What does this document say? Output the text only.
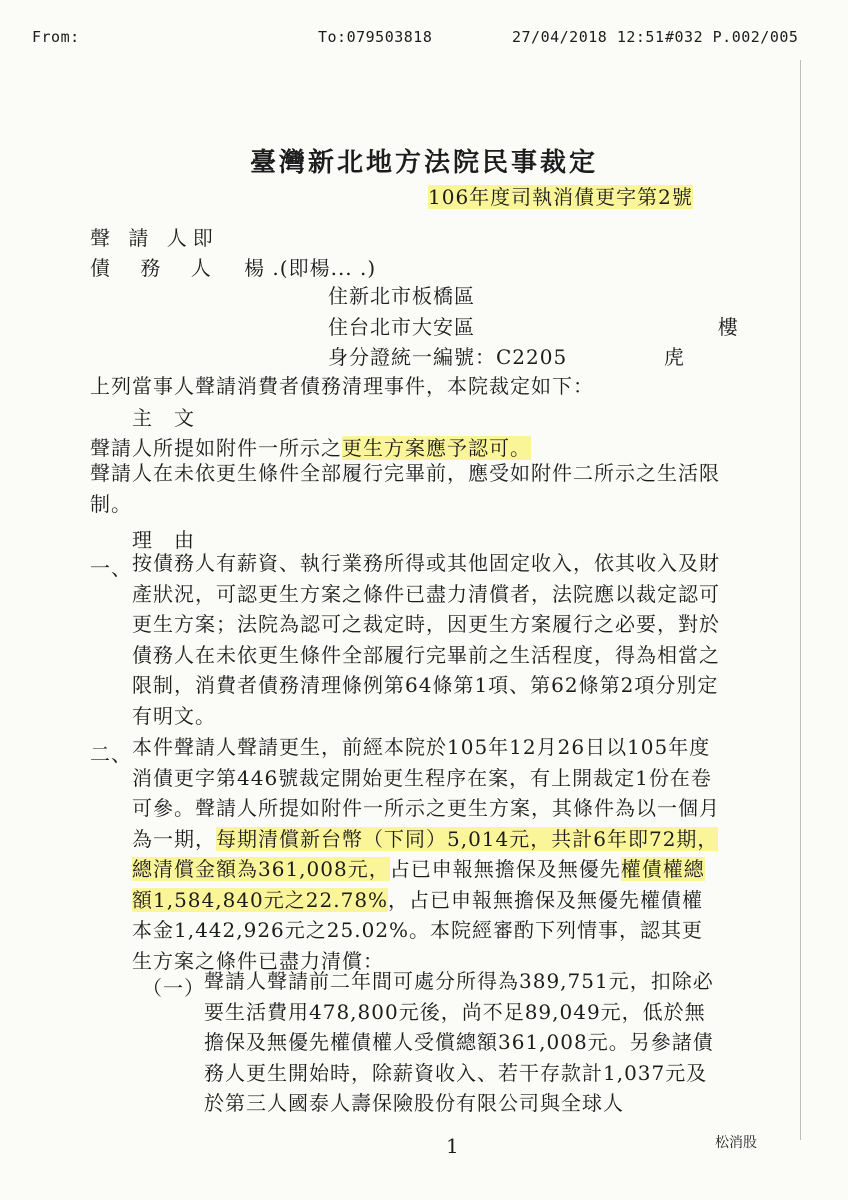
From:	To:079503818	27/04/2018 12:51 #032 P.002/005
臺灣新北地方法院民事裁定
106年度司執消債更字第2號
聲 請 人即
債 務 人 楊 .(即楊... .)
住新北市板橋區
住台北市大安區	樓
身分證統一編號：C2205	虎
上列當事人聲請消費者債務清理事件，本院裁定如下：
主　文
聲請人所提如附件一所示之更生方案應予認可。
聲請人在未依更生條件全部履行完畢前，應受如附件二所示之生活限制。
理　由
一、 按債務人有薪資、執行業務所得或其他固定收入，依其收入及財產狀況，可認更生方案之條件已盡力清償者，法院應以裁定認可更生方案；法院為認可之裁定時，因更生方案履行之必要，對於債務人在未依更生條件全部履行完畢前之生活程度，得為相當之限制，消費者債務清理條例第64條第1項、第62條第2項分別定有明文。
二、 本件聲請人聲請更生，前經本院於105年12月26日以105年度消債更字第446號裁定開始更生程序在案，有上開裁定1份在卷可參。聲請人所提如附件一所示之更生方案，其條件為以一個月為一期，每期清償新台幣（下同）5,014元，共計6年即72期，總清償金額為361,008元，占已申報無擔保及無優先權債權總額1,584,840元之22.78%，占已申報無擔保及無優先權債權本金1,442,926元之25.02%。本院經審酌下列情事，認其更生方案之條件已盡力清償：
（一） 聲請人聲請前二年間可處分所得為389,751元，扣除必要生活費用478,800元後，尚不足89,049元，低於無擔保及無優先權債權人受償總額361,008元。另參諸債務人更生開始時，除薪資收入、若干存款計1,037元及於第三人國泰人壽保險股份有限公司與全球人
1	松消股
